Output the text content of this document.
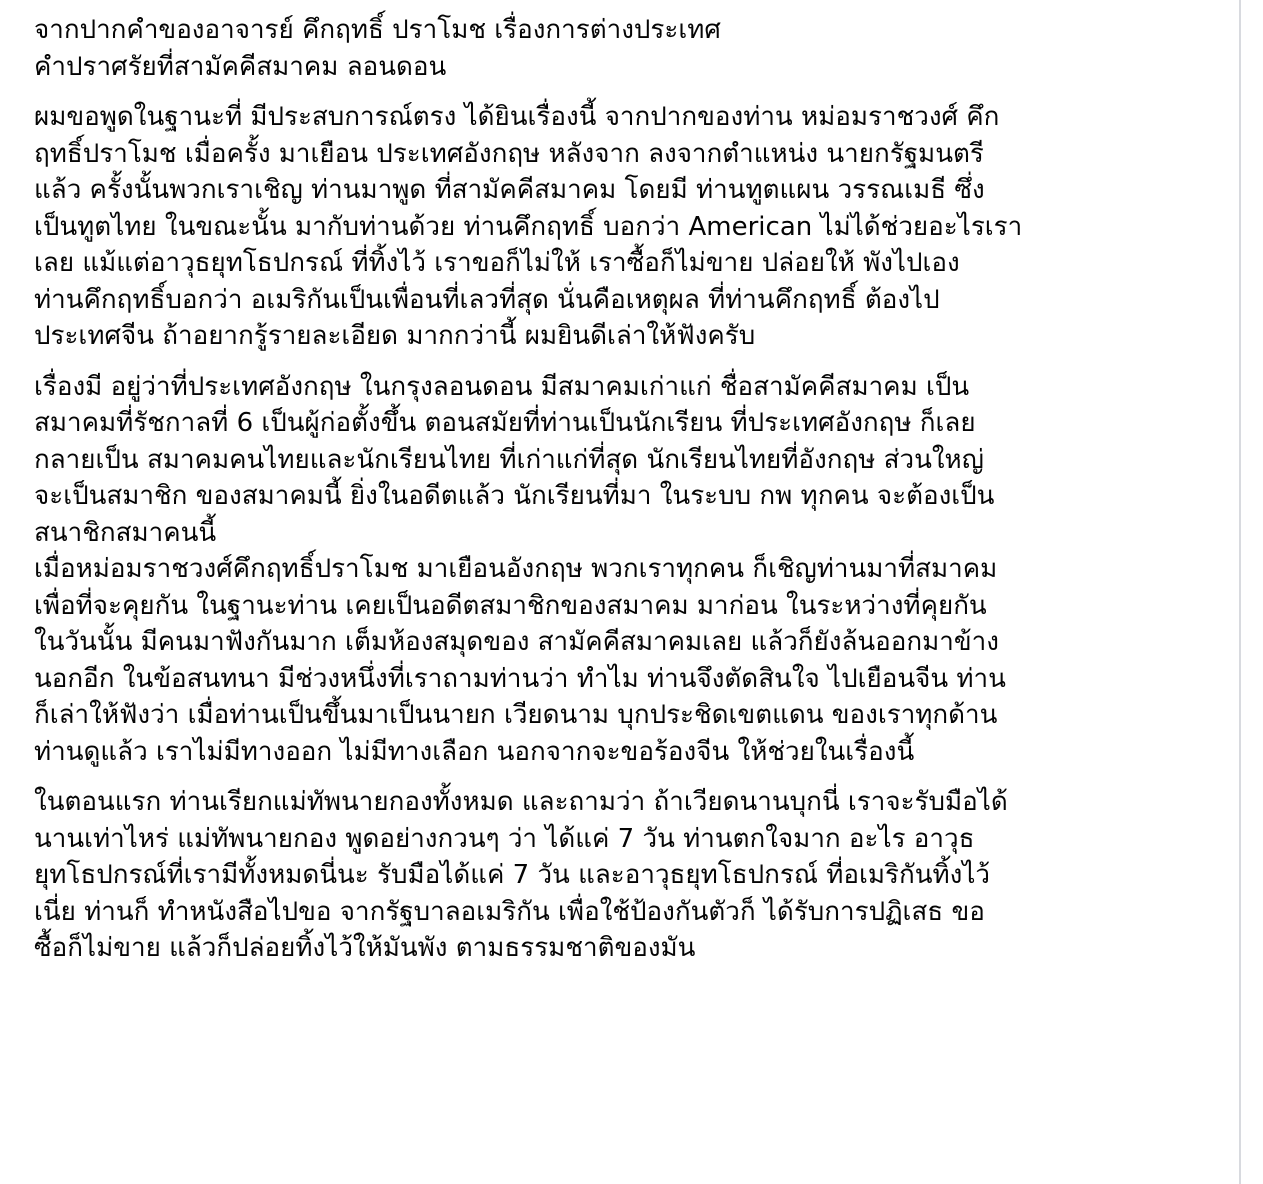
จากปากคำของอาจารย์ คึกฤทธิ์ ปราโมช เรื่องการต่างประเทศ
คำปราศรัยที่สามัคคีสมาคม ลอนดอน
ผมขอพูดในฐานะที่ มีประสบการณ์ตรง ได้ยินเรื่องนี้ จากปากของท่าน หม่อมราชวงศ์ คึก
ฤทธิ์ปราโมช เมื่อครั้ง มาเยือน ประเทศอังกฤษ หลังจาก ลงจากตำแหน่ง นายกรัฐมนตรี
แล้ว ครั้งนั้นพวกเราเชิญ ท่านมาพูด ที่สามัคคีสมาคม โดยมี ท่านทูตแผน วรรณเมธี ซึ่ง
เป็นทูตไทย ในขณะนั้น มากับท่านด้วย ท่านคึกฤทธิ์ บอกว่า American ไม่ได้ช่วยอะไรเรา
เลย แม้แต่อาวุธยุทโธปกรณ์ ที่ทิ้งไว้ เราขอก็ไม่ให้ เราซื้อก็ไม่ขาย ปล่อยให้ พังไปเอง
ท่านคึกฤทธิ์บอกว่า อเมริกันเป็นเพื่อนที่เลวที่สุด นั่นคือเหตุผล ที่ท่านคึกฤทธิ์ ต้องไป
ประเทศจีน ถ้าอยากรู้รายละเอียด มากกว่านี้ ผมยินดีเล่าให้ฟังครับ
เรื่องมี อยู่ว่าที่ประเทศอังกฤษ ในกรุงลอนดอน มีสมาคมเก่าแก่ ชื่อสามัคคีสมาคม เป็น
สมาคมที่รัชกาลที่ 6 เป็นผู้ก่อตั้งขึ้น ตอนสมัยที่ท่านเป็นนักเรียน ที่ประเทศอังกฤษ ก็เลย
กลายเป็น สมาคมคนไทยและนักเรียนไทย ที่เก่าแก่ที่สุด นักเรียนไทยที่อังกฤษ ส่วนใหญ่
จะเป็นสมาชิก ของสมาคมนี้ ยิ่งในอดีตแล้ว นักเรียนที่มา ในระบบ กพ ทุกคน จะต้องเป็น
สนาชิกสมาคนนี้
เมื่อหม่อมราชวงศ์คึกฤทธิ์ปราโมช มาเยือนอังกฤษ พวกเราทุกคน ก็เชิญท่านมาที่สมาคม
เพื่อที่จะคุยกัน ในฐานะท่าน เคยเป็นอดีตสมาชิกของสมาคม มาก่อน ในระหว่างที่คุยกัน
ในวันนั้น มีคนมาฟังกันมาก เต็มห้องสมุดของ สามัคคีสมาคมเลย แล้วก็ยังล้นออกมาข้าง
นอกอีก ในข้อสนทนา มีช่วงหนึ่งที่เราถามท่านว่า ทำไม ท่านจึงตัดสินใจ ไปเยือนจีน ท่าน
ก็เล่าให้ฟังว่า เมื่อท่านเป็นขึ้นมาเป็นนายก เวียดนาม บุกประชิดเขตแดน ของเราทุกด้าน
ท่านดูแล้ว เราไม่มีทางออก ไม่มีทางเลือก นอกจากจะขอร้องจีน ให้ช่วยในเรื่องนี้
ในตอนแรก ท่านเรียกแม่ทัพนายกองทั้งหมด และถามว่า ถ้าเวียดนานบุกนี่ เราจะรับมือได้
นานเท่าไหร่ แม่ทัพนายกอง พูดอย่างกวนๆ ว่า ได้แค่ 7 วัน ท่านตกใจมาก อะไร อาวุธ
ยุทโธปกรณ์ที่เรามีทั้งหมดนี่นะ รับมือได้แค่ 7 วัน และอาวุธยุทโธปกรณ์ ที่อเมริกันทิ้งไว้
เนี่ย ท่านก็ ทำหนังสือไปขอ จากรัฐบาลอเมริกัน เพื่อใช้ป้องกันตัวก็ ได้รับการปฏิเสธ ขอ
ซื้อก็ไม่ขาย แล้วก็ปล่อยทิ้งไว้ให้มันพัง ตามธรรมชาติของมัน
